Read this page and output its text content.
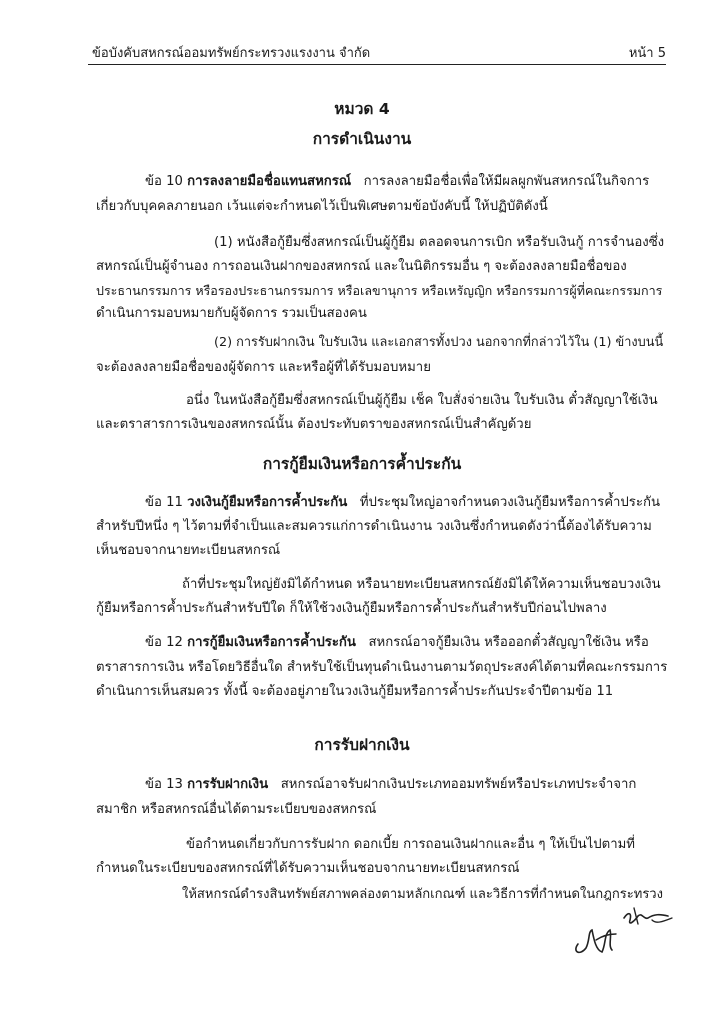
ข้อบังคับสหกรณ์ออมทรัพย์กระทรวงแรงงาน จำกัด	หน้า 5
หมวด 4
การดำเนินงาน
ข้อ 10 การลงลายมือชื่อแทนสหกรณ์ การลงลายมือชื่อเพื่อให้มีผลผูกพันสหกรณ์ในกิจการ
เกี่ยวกับบุคคลภายนอก เว้นแต่จะกำหนดไว้เป็นพิเศษตามข้อบังคับนี้ ให้ปฏิบัติดังนี้
(1) หนังสือกู้ยืมซึ่งสหกรณ์เป็นผู้กู้ยืม ตลอดจนการเบิก หรือรับเงินกู้ การจำนองซึ่ง
สหกรณ์เป็นผู้จำนอง การถอนเงินฝากของสหกรณ์ และในนิติกรรมอื่น ๆ จะต้องลงลายมือชื่อของ
ประธานกรรมการ หรือรองประธานกรรมการ หรือเลขานุการ หรือเหรัญญิก หรือกรรมการผู้ที่คณะกรรมการ
ดำเนินการมอบหมายกับผู้จัดการ รวมเป็นสองคน
(2) การรับฝากเงิน ใบรับเงิน และเอกสารทั้งปวง นอกจากที่กล่าวไว้ใน (1) ข้างบนนี้
จะต้องลงลายมือชื่อของผู้จัดการ และหรือผู้ที่ได้รับมอบหมาย
อนึ่ง ในหนังสือกู้ยืมซึ่งสหกรณ์เป็นผู้กู้ยืม เช็ค ใบสั่งจ่ายเงิน ใบรับเงิน ตั๋วสัญญาใช้เงิน
และตราสารการเงินของสหกรณ์นั้น ต้องประทับตราของสหกรณ์เป็นสำคัญด้วย
การกู้ยืมเงินหรือการค้ำประกัน
ข้อ 11 วงเงินกู้ยืมหรือการค้ำประกัน ที่ประชุมใหญ่อาจกำหนดวงเงินกู้ยืมหรือการค้ำประกัน
สำหรับปีหนึ่ง ๆ ไว้ตามที่จำเป็นและสมควรแก่การดำเนินงาน วงเงินซึ่งกำหนดดังว่านี้ต้องได้รับความ
เห็นชอบจากนายทะเบียนสหกรณ์
ถ้าที่ประชุมใหญ่ยังมิได้กำหนด หรือนายทะเบียนสหกรณ์ยังมิได้ให้ความเห็นชอบวงเงิน
กู้ยืมหรือการค้ำประกันสำหรับปีใด ก็ให้ใช้วงเงินกู้ยืมหรือการค้ำประกันสำหรับปีก่อนไปพลาง
ข้อ 12 การกู้ยืมเงินหรือการค้ำประกัน สหกรณ์อาจกู้ยืมเงิน หรือออกตั๋วสัญญาใช้เงิน หรือ
ตราสารการเงิน หรือโดยวิธีอื่นใด สำหรับใช้เป็นทุนดำเนินงานตามวัตถุประสงค์ได้ตามที่คณะกรรมการ
ดำเนินการเห็นสมควร ทั้งนี้ จะต้องอยู่ภายในวงเงินกู้ยืมหรือการค้ำประกันประจำปีตามข้อ 11
การรับฝากเงิน
ข้อ 13 การรับฝากเงิน สหกรณ์อาจรับฝากเงินประเภทออมทรัพย์หรือประเภทประจำจาก
สมาชิก หรือสหกรณ์อื่นได้ตามระเบียบของสหกรณ์
ข้อกำหนดเกี่ยวกับการรับฝาก ดอกเบี้ย การถอนเงินฝากและอื่น ๆ ให้เป็นไปตามที่
กำหนดในระเบียบของสหกรณ์ที่ได้รับความเห็นชอบจากนายทะเบียนสหกรณ์
ให้สหกรณ์ดำรงสินทรัพย์สภาพคล่องตามหลักเกณฑ์ และวิธีการที่กำหนดในกฎกระทรวง
